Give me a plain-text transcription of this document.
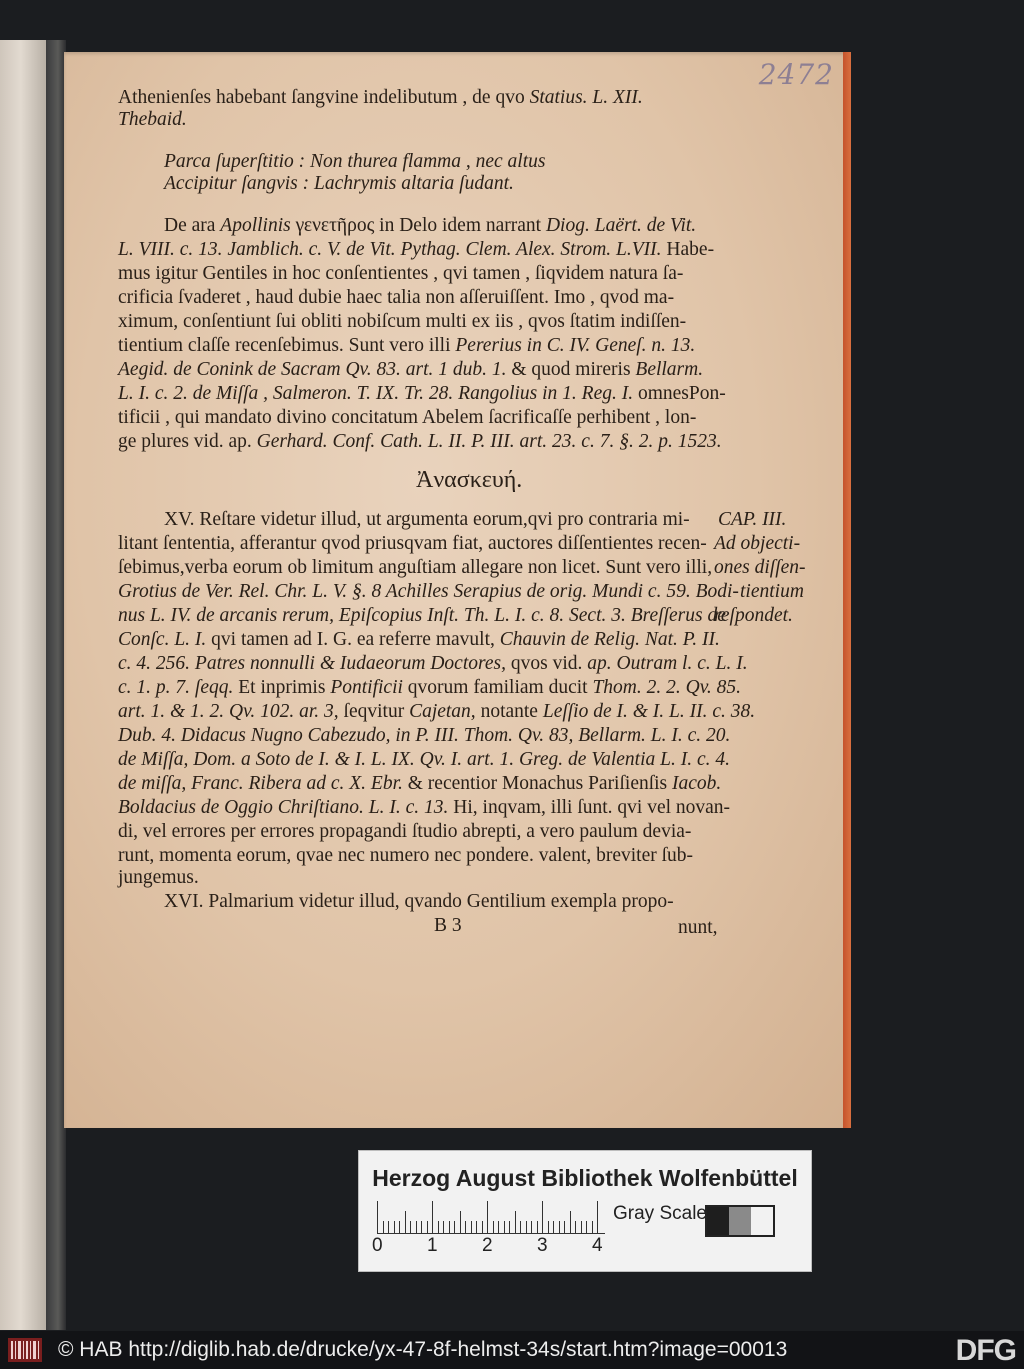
2472
Athenienſes habebant ſangvine indelibutum , de qvo Statius. L. XII.
Thebaid.
Parca ſuperſtitio : Non thurea flamma , nec altus
Accipitur ſangvis : Lachrymis altaria ſudant.
De ara Apollinis γενετῆρος in Delo idem narrant Diog. Laërt. de Vit.
L. VIII. c. 13. Jamblich. c. V. de Vit. Pythag. Clem. Alex. Strom. L.VII. Habe-
mus igitur Gentiles in hoc conſentientes , qvi tamen , ſiqvidem natura ſa-
crificia ſvaderet , haud dubie haec talia non aſſeruiſſent. Imo , qvod ma-
ximum, conſentiunt ſui obliti nobiſcum multi ex iis , qvos ſtatim indiſſen-
tientium claſſe recenſebimus. Sunt vero illi Pererius in C. IV. Geneſ. n. 13.
Aegid. de Conink de Sacram Qv. 83. art. 1 dub. 1. & quod mireris Bellarm.
L. I. c. 2. de Miſſa , Salmeron. T. IX. Tr. 28. Rangolius in 1. Reg. I. omnesPon-
tificii , qui mandato divino concitatum Abelem ſacrificaſſe perhibent , lon-
ge plures vid. ap. Gerhard. Conf. Cath. L. II. P. III. art. 23. c. 7. §. 2. p. 1523.
Ἀνασκευή.
XV. Reſtare videtur illud, ut argumenta eorum,qvi pro contraria mi-
litant ſententia, afferantur qvod priusqvam fiat, auctores diſſentientes recen-
ſebimus,verba eorum ob limitum anguſtiam allegare non licet. Sunt vero illi,
Grotius de Ver. Rel. Chr. L. V. §. 8 Achilles Serapius de orig. Mundi c. 59. Bodi-
nus L. IV. de arcanis rerum, Epiſcopius Inſt. Th. L. I. c. 8. Sect. 3. Breſſerus de
Conſc. L. I. qvi tamen ad I. G. ea referre mavult, Chauvin de Relig. Nat. P. II.
c. 4. 256. Patres nonnulli & Iudaeorum Doctores, qvos vid. ap. Outram l. c. L. I.
c. 1. p. 7. ſeqq. Et inprimis Pontificii qvorum familiam ducit Thom. 2. 2. Qv. 85.
art. 1. & 1. 2. Qv. 102. ar. 3, ſeqvitur Cajetan, notante Leſſio de I. & I. L. II. c. 38.
Dub. 4. Didacus Nugno Cabezudo, in P. III. Thom. Qv. 83, Bellarm. L. I. c. 20.
de Miſſa, Dom. a Soto de I. & I. L. IX. Qv. I. art. 1. Greg. de Valentia L. I. c. 4.
de miſſa, Franc. Ribera ad c. X. Ebr. & recentior Monachus Pariſienſis Iacob.
Boldacius de Oggio Chriſtiano. L. I. c. 13. Hi, inqvam, illi ſunt. qvi vel novan-
di, vel errores per errores propagandi ſtudio abrepti, a vero paulum devia-
runt, momenta eorum, qvae nec numero nec pondere. valent, breviter ſub-
jungemus.
XVI. Palmarium videtur illud, qvando Gentilium exempla propo-
B 3	nunt,
CAP. III.
Ad objecti-
ones diſſen-
tientium
reſpondet.
Herzog August Bibliothek Wolfenbüttel
0 1 2 3 4
Gray Scale
© HAB http://diglib.hab.de/drucke/yx-47-8f-helmst-34s/start.htm?image=00013	DFG
